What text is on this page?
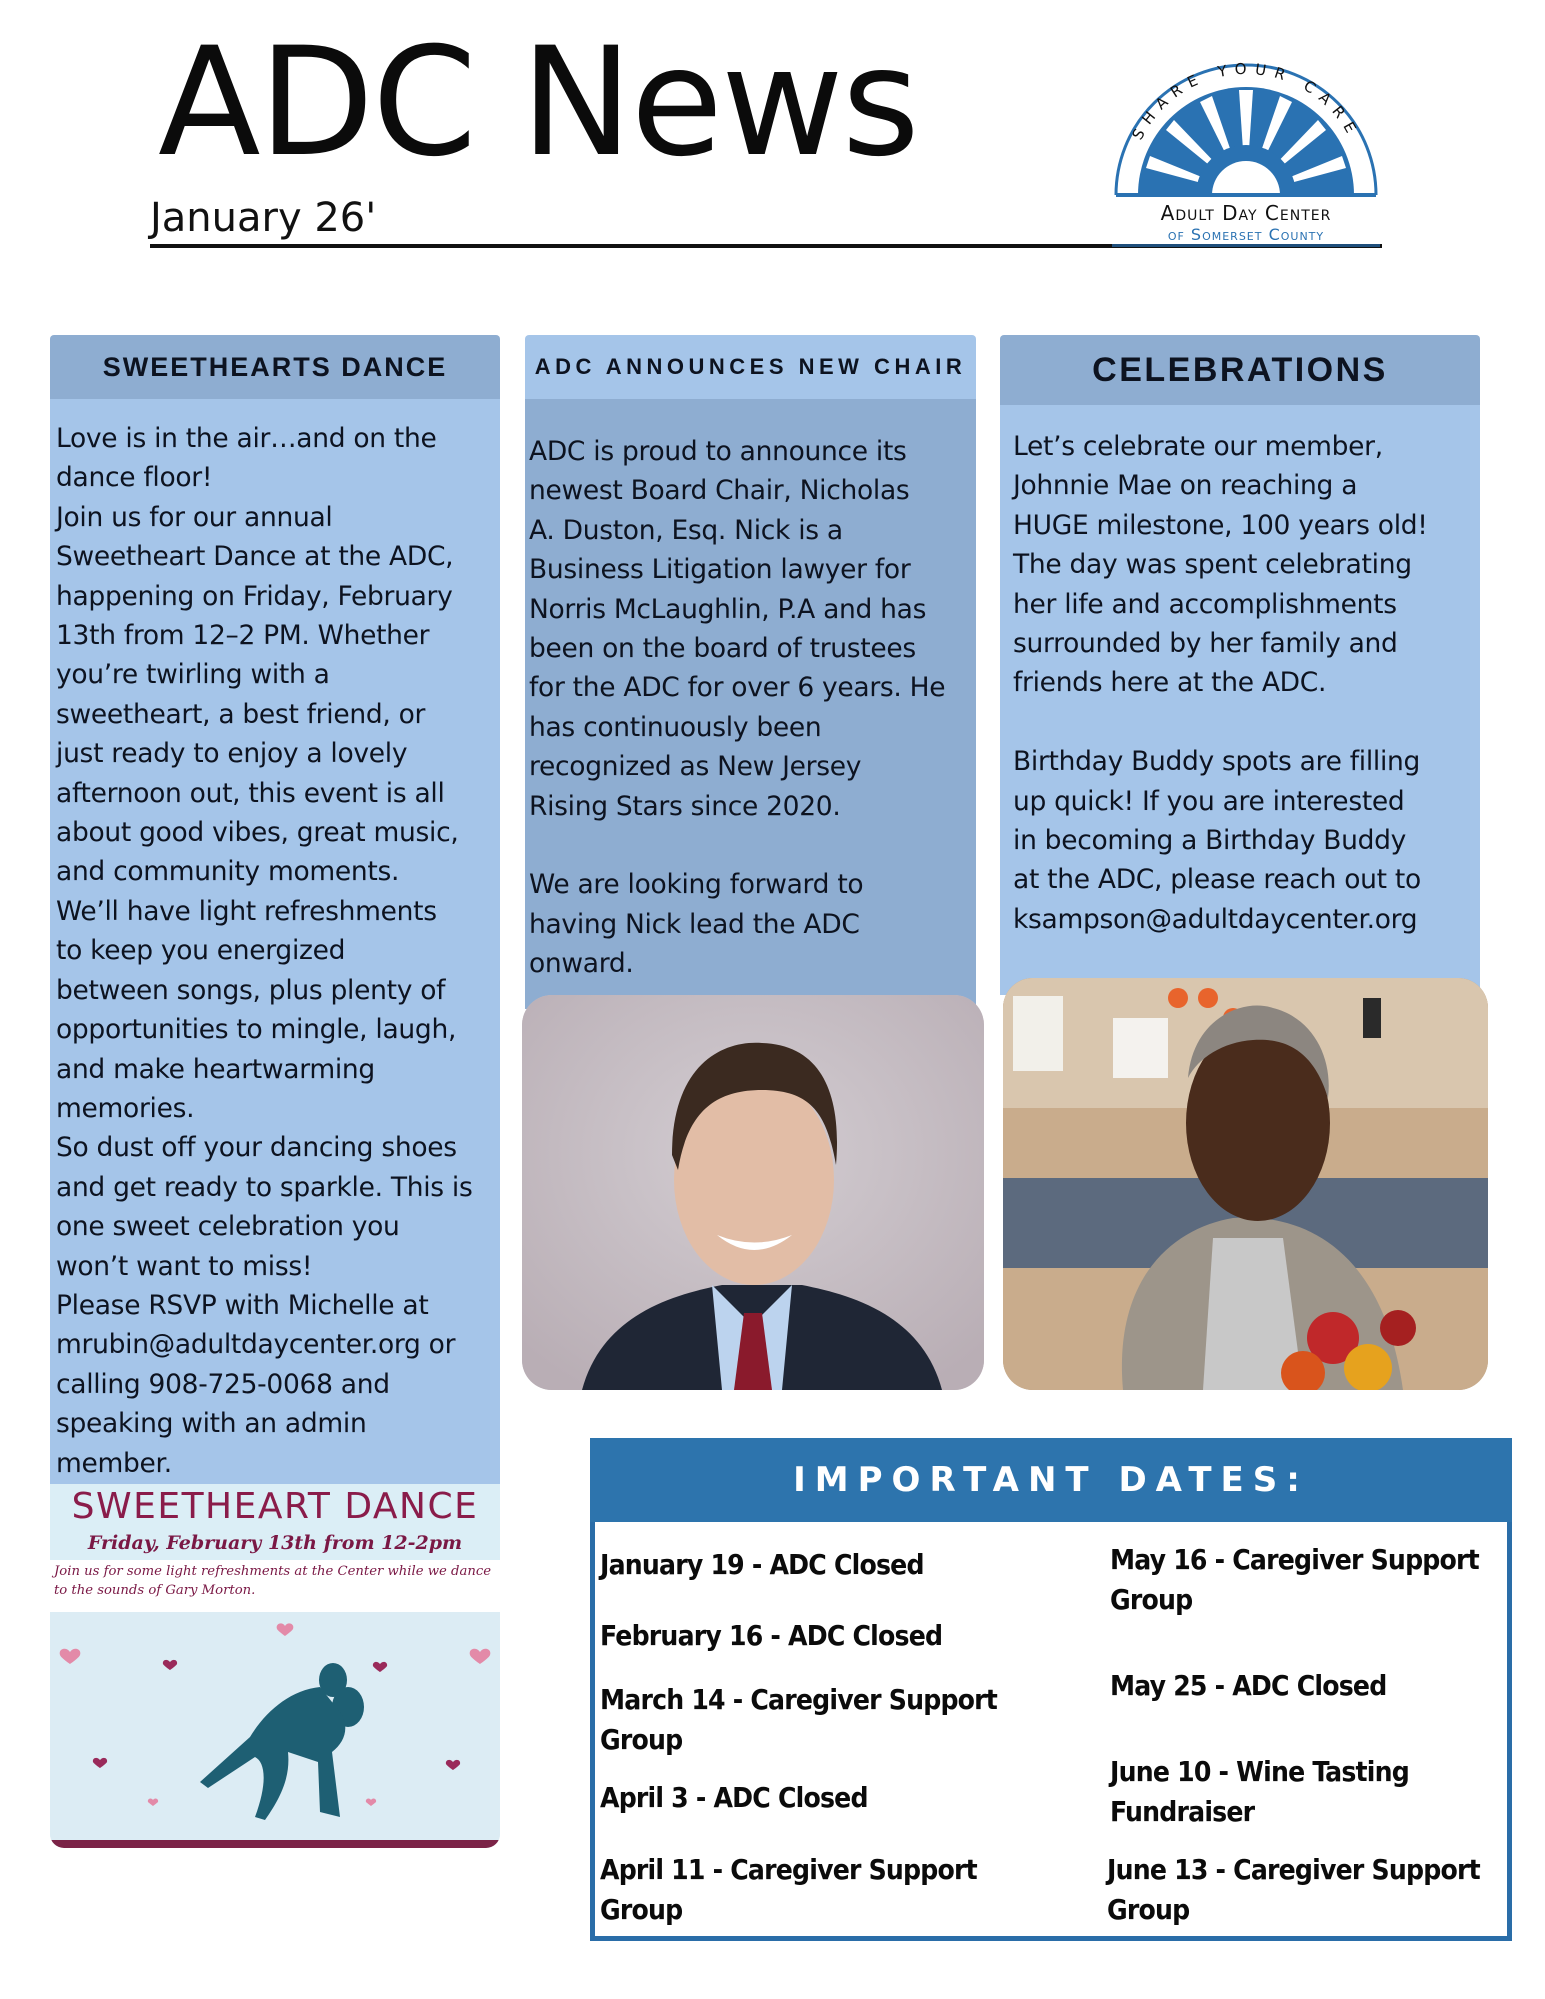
ADC News
January 26'
SHARE YOUR CARE
Adult Day Center
of Somerset County
SWEETHEARTS DANCE
Love is in the air…and on the
dance floor!
Join us for our annual
Sweetheart Dance at the ADC,
happening on Friday, February
13th from 12–2 PM. Whether
you’re twirling with a
sweetheart, a best friend, or
just ready to enjoy a lovely
afternoon out, this event is all
about good vibes, great music,
and community moments.
We’ll have light refreshments
to keep you energized
between songs, plus plenty of
opportunities to mingle, laugh,
and make heartwarming
memories.
So dust off your dancing shoes
and get ready to sparkle. This is
one sweet celebration you
won’t want to miss!
Please RSVP with Michelle at
mrubin@adultdaycenter.org or
calling 908-725-0068 and
speaking with an admin
member.
SWEETHEART DANCE
Friday, February 13th from 12-2pm
Join us for some light refreshments at the Center while we dance to the sounds of Gary Morton.
ADC ANNOUNCES NEW CHAIR
ADC is proud to announce its
newest Board Chair, Nicholas
A. Duston, Esq. Nick is a
Business Litigation lawyer for
Norris McLaughlin, P.A and has
been on the board of trustees
for the ADC for over 6 years. He
has continuously been
recognized as New Jersey
Rising Stars since 2020.

We are looking forward to
having Nick lead the ADC
onward.
CELEBRATIONS
Let’s celebrate our member,
Johnnie Mae on reaching a
HUGE milestone, 100 years old!
The day was spent celebrating
her life and accomplishments
surrounded by her family and
friends here at the ADC.

Birthday Buddy spots are filling
up quick! If you are interested
in becoming a Birthday Buddy
at the ADC, please reach out to
ksampson@adultdaycenter.org
IMPORTANT DATES:
January 19 - ADC Closed
February 16 - ADC Closed
March 14 - Caregiver Support Group
April 3 - ADC Closed
April 11 - Caregiver Support Group
May 16 - Caregiver Support Group
May 25 - ADC Closed
June 10 - Wine Tasting Fundraiser
June 13 - Caregiver Support Group
